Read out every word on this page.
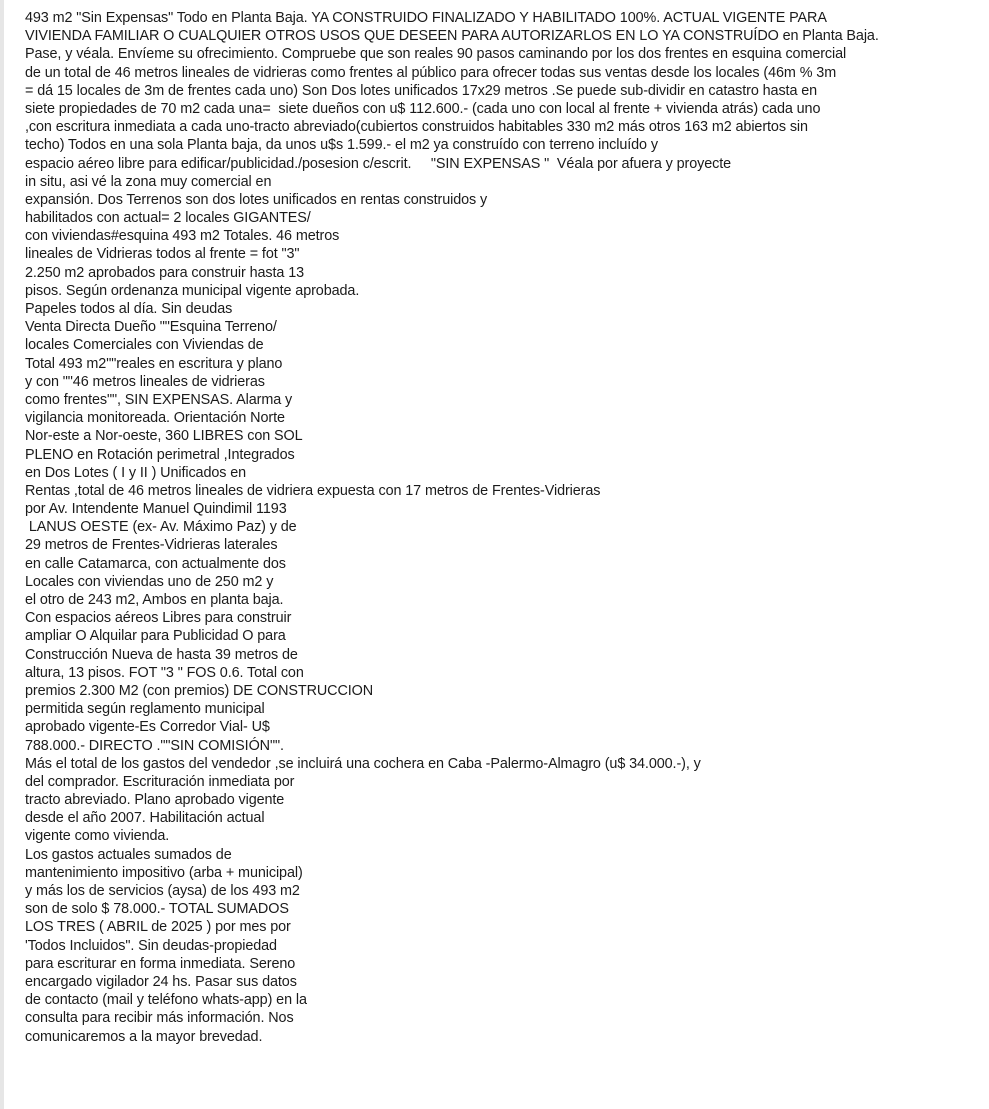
493 m2 "Sin Expensas" Todo en Planta Baja. YA CONSTRUIDO FINALIZADO Y HABILITADO 100%. ACTUAL VIGENTE PARA
VIVIENDA FAMILIAR O CUALQUIER OTROS USOS QUE DESEEN PARA AUTORIZARLOS EN LO YA CONSTRUÍDO en Planta Baja.
Pase, y véala. Envíeme su ofrecimiento. Compruebe que son reales 90 pasos caminando por los dos frentes en esquina comercial
de un total de 46 metros lineales de vidrieras como frentes al público para ofrecer todas sus ventas desde los locales (46m % 3m
= dá 15 locales de 3m de frentes cada uno) Son Dos lotes unificados 17x29 metros .Se puede sub-dividir en catastro hasta en
siete propiedades de 70 m2 cada una=  siete dueños con u$ 112.600.- (cada uno con local al frente + vivienda atrás) cada uno
,con escritura inmediata a cada uno-tracto abreviado(cubiertos construidos habitables 330 m2 más otros 163 m2 abiertos sin
techo) Todos en una sola Planta baja, da unos u$s 1.599.- el m2 ya construído con terreno incluído y
espacio aéreo libre para edificar/publicidad./posesion c/escrit.     "SIN EXPENSAS "  Véala por afuera y proyecte
in situ, asi vé la zona muy comercial en
expansión. Dos Terrenos son dos lotes unificados en rentas construidos y
habilitados con actual= 2 locales GIGANTES/
con viviendas#esquina 493 m2 Totales. 46 metros
lineales de Vidrieras todos al frente = fot "3"
2.250 m2 aprobados para construir hasta 13
pisos. Según ordenanza municipal vigente aprobada.
Papeles todos al día. Sin deudas
Venta Directa Dueño ""Esquina Terreno/
locales Comerciales con Viviendas de
Total 493 m2""reales en escritura y plano
y con ""46 metros lineales de vidrieras
como frentes"", SIN EXPENSAS. Alarma y
vigilancia monitoreada. Orientación Norte
Nor-este a Nor-oeste, 360 LIBRES con SOL
PLENO en Rotación perimetral ,Integrados
en Dos Lotes ( I y II ) Unificados en
Rentas ,total de 46 metros lineales de vidriera expuesta con 17 metros de Frentes-Vidrieras
por Av. Intendente Manuel Quindimil 1193
LANUS OESTE (ex- Av. Máximo Paz) y de
29 metros de Frentes-Vidrieras laterales
en calle Catamarca, con actualmente dos
Locales con viviendas uno de 250 m2 y
el otro de 243 m2, Ambos en planta baja.
Con espacios aéreos Libres para construir
ampliar O Alquilar para Publicidad O para
Construcción Nueva de hasta 39 metros de
altura, 13 pisos. FOT "3 " FOS 0.6. Total con
premios 2.300 M2 (con premios) DE CONSTRUCCION
permitida según reglamento municipal
aprobado vigente-Es Corredor Vial- U$
788.000.- DIRECTO .""SIN COMISIÓN"".
Más el total de los gastos del vendedor ,se incluirá una cochera en Caba -Palermo-Almagro (u$ 34.000.-), y
del comprador. Escrituración inmediata por
tracto abreviado. Plano aprobado vigente
desde el año 2007. Habilitación actual
vigente como vivienda.
Los gastos actuales sumados de
mantenimiento impositivo (arba + municipal)
y más los de servicios (aysa) de los 493 m2
son de solo $ 78.000.- TOTAL SUMADOS
LOS TRES ( ABRIL de 2025 ) por mes por
'Todos Incluidos". Sin deudas-propiedad
para escriturar en forma inmediata. Sereno
encargado vigilador 24 hs. Pasar sus datos
de contacto (mail y teléfono whats-app) en la
consulta para recibir más información. Nos
comunicaremos a la mayor brevedad.
